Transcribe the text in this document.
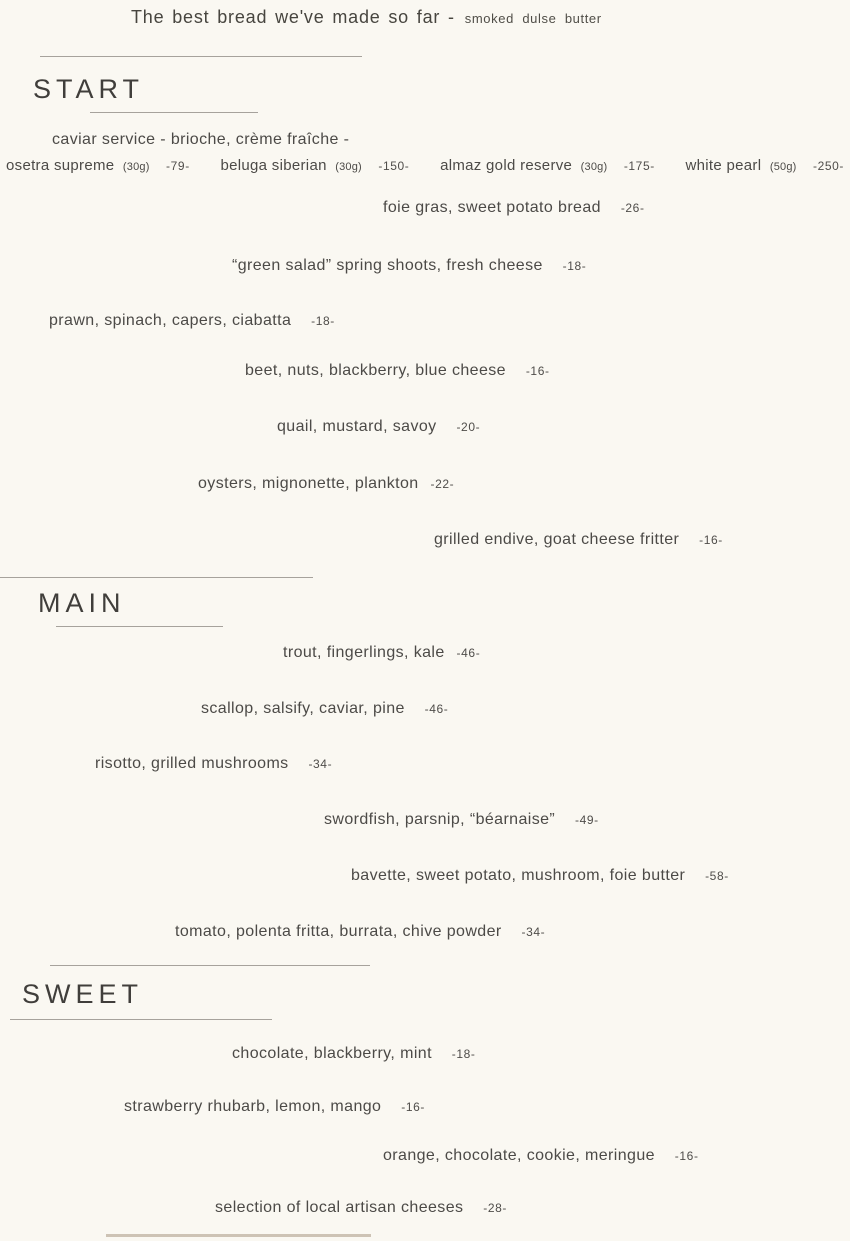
The best bread we've made so far - smoked  dulse  butter
START
caviar service - brioche, crème fraîche -
osetra supreme (30g) -79- beluga siberian (30g) -150- almaz gold reserve (30g) -175- white pearl (50g) -250-
foie gras, sweet potato bread -26-
“green salad” spring shoots, fresh cheese -18-
prawn, spinach, capers, ciabatta -18-
beet, nuts, blackberry, blue cheese -16-
quail, mustard, savoy -20-
oysters, mignonette, plankton -22-
grilled endive, goat cheese fritter -16-
MAIN
trout, fingerlings, kale -46-
scallop, salsify, caviar, pine -46-
risotto, grilled mushrooms -34-
swordfish, parsnip, “béarnaise” -49-
bavette, sweet potato, mushroom, foie butter -58-
tomato, polenta fritta, burrata, chive powder -34-
SWEET
chocolate, blackberry, mint -18-
strawberry rhubarb, lemon, mango -16-
orange, chocolate, cookie, meringue -16-
selection of local artisan cheeses -28-
